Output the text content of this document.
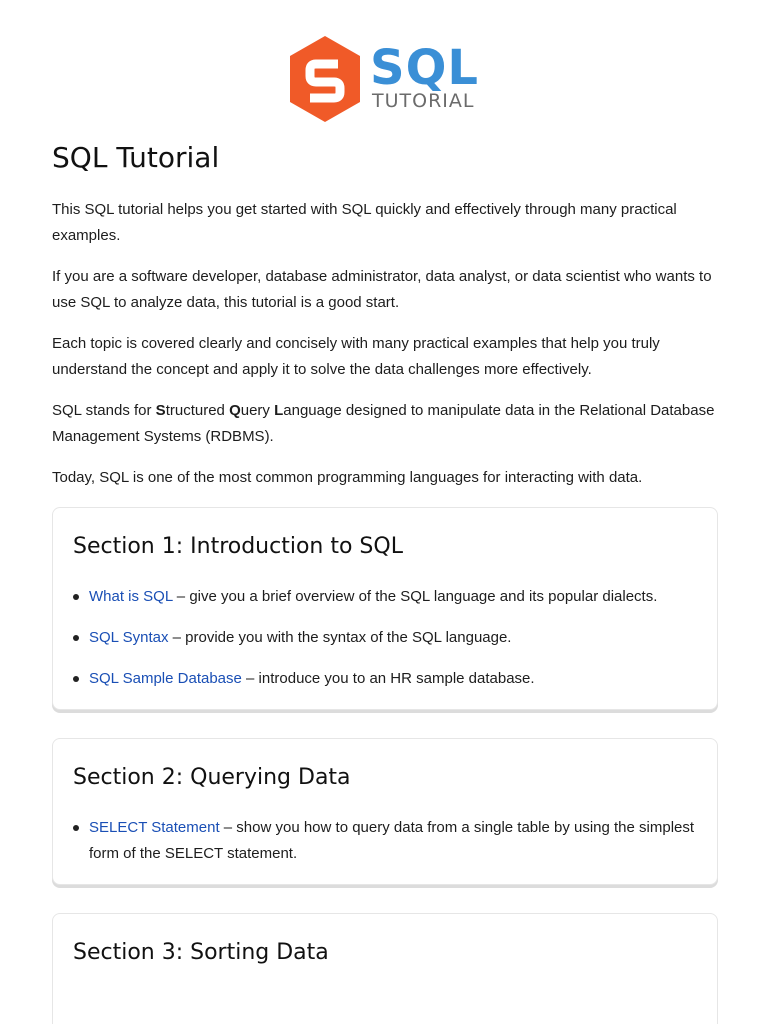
SQL
TUTORIAL
SQL Tutorial

This SQL tutorial helps you get started with SQL quickly and effectively through many practical examples.

If you are a software developer, database administrator, data analyst, or data scientist who wants to use SQL to analyze data, this tutorial is a good start.

Each topic is covered clearly and concisely with many practical examples that help you truly understand the concept and apply it to solve the data challenges more effectively.

SQL stands for Structured Query Language designed to manipulate data in the Relational Database Management Systems (RDBMS).

Today, SQL is one of the most common programming languages for interacting with data.

Section 1: Introduction to SQL
What is SQL – give you a brief overview of the SQL language and its popular dialects.
SQL Syntax – provide you with the syntax of the SQL language.
SQL Sample Database – introduce you to an HR sample database.
Section 2: Querying Data
SELECT Statement – show you how to query data from a single table by using the simplest form of the SELECT statement.
Section 3: Sorting Data
